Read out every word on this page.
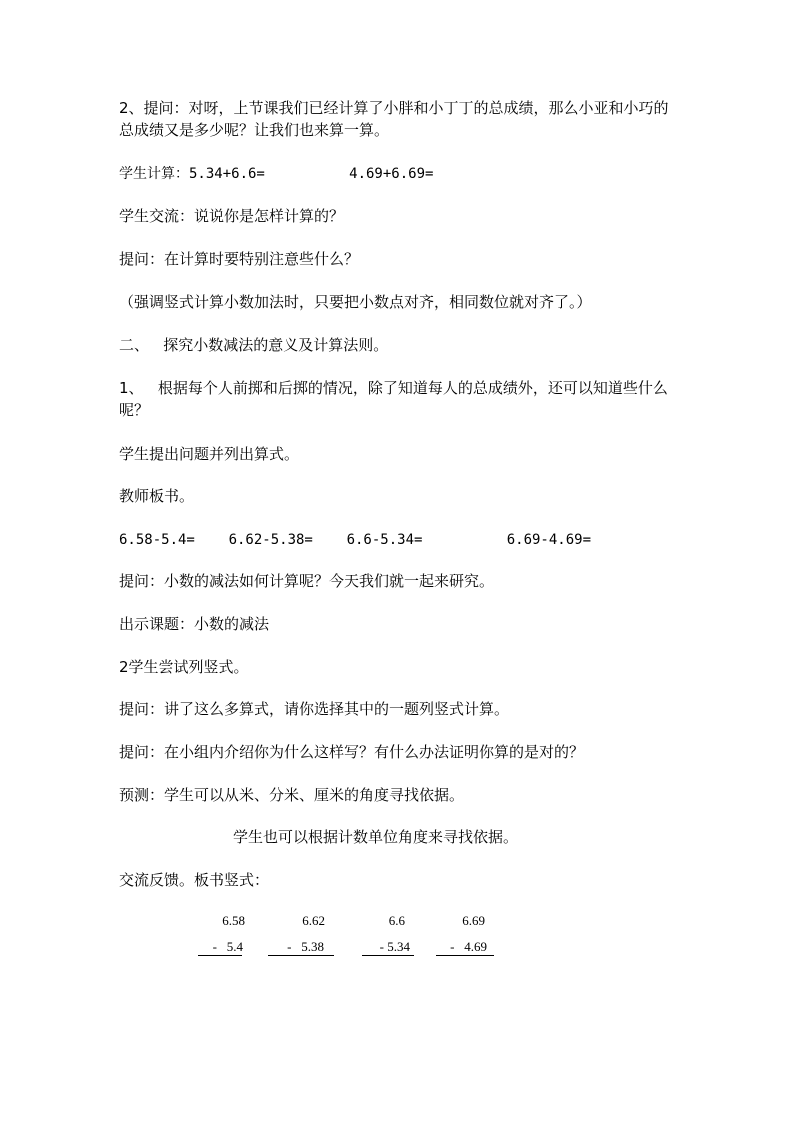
2、提问：对呀，上节课我们已经计算了小胖和小丁丁的总成绩，那么小亚和小巧的总成绩又是多少呢？让我们也来算一算。

学生计算：5.34+6.6=          4.69+6.69=

学生交流：说说你是怎样计算的？

提问：在计算时要特别注意些什么？

（强调竖式计算小数加法时，只要把小数点对齐，相同数位就对齐了。）

二、   探究小数减法的意义及计算法则。

1、   根据每个人前掷和后掷的情况，除了知道每人的总成绩外，还可以知道些什么呢？

学生提出问题并列出算式。

教师板书。

6.58-5.4=    6.62-5.38=    6.6-5.34=          6.69-4.69=

提问：小数的减法如何计算呢？今天我们就一起来研究。

出示课题：小数的减法

2学生尝试列竖式。

提问：讲了这么多算式，请你选择其中的一题列竖式计算。

提问：在小组内介绍你为什么这样写？有什么办法证明你算的是对的？

预测：学生可以从米、分米、厘米的角度寻找依据。

学生也可以根据计数单位角度来寻找依据。

交流反馈。板书竖式：

6.58
-   5.4
6.62
-   5.38
6.6
- 5.34
6.69
-   4.69
